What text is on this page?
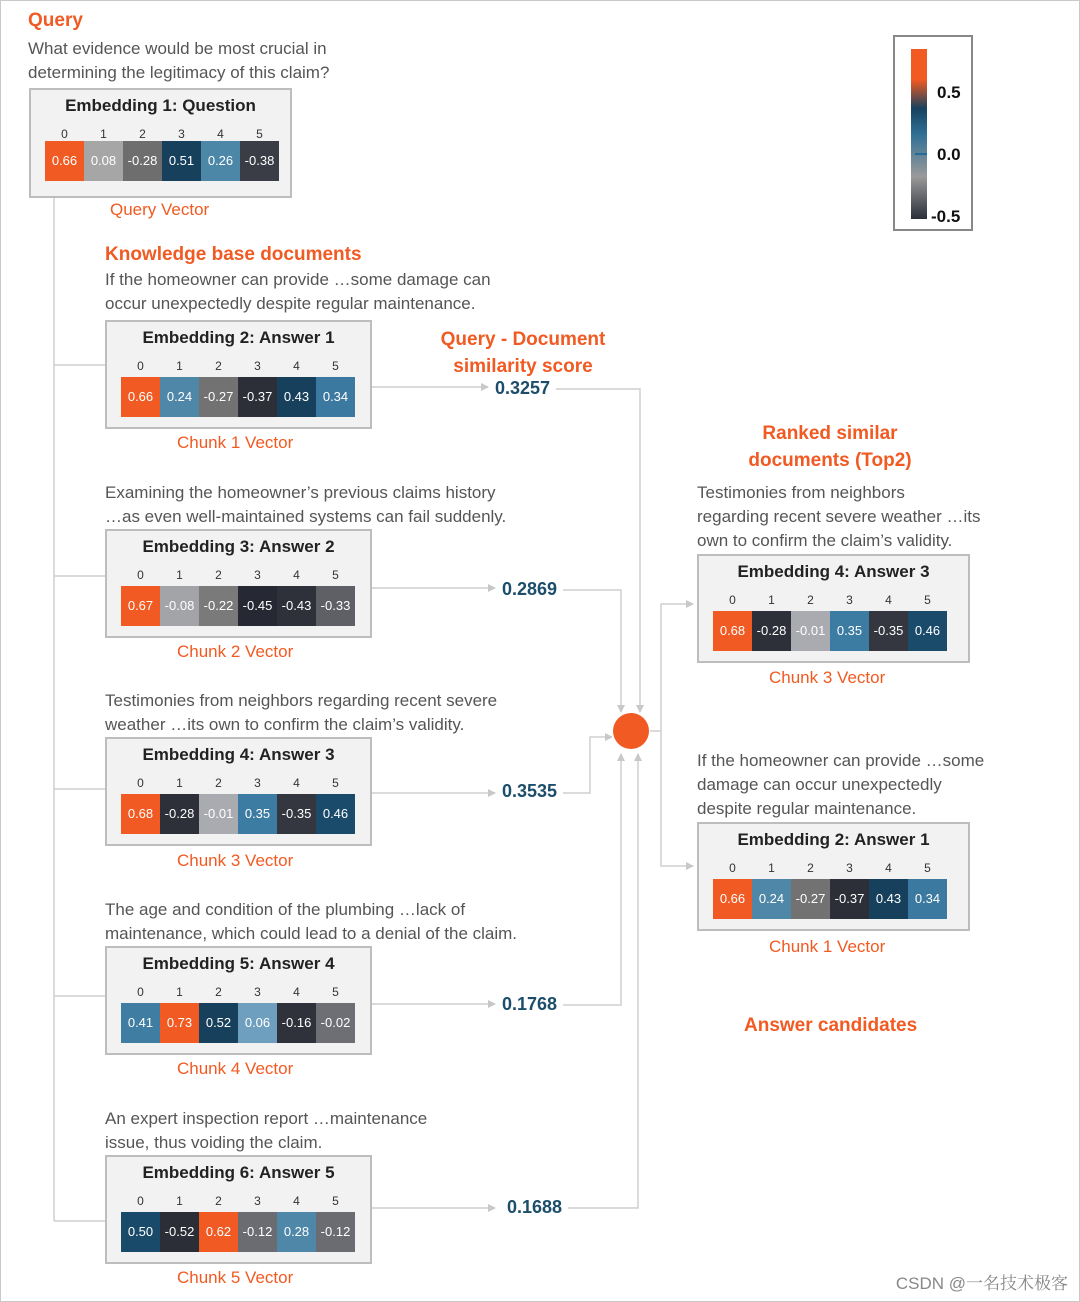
Query
What evidence would be most crucial in determining the legitimacy of this claim?
Embedding 1: Question
0	1	2	3	4	5
0.66	0.08 -0.28 0.51	0.26 -0.38
Query Vector
Knowledge base documents
Query - Document similarity score
If the homeowner can provide …some damage can
occur unexpectedly despite regular maintenance.
Embedding 2: Answer 1
0	1	2	3	4	5
0.66	0.24 -0.27 -0.37 0.43	0.34
Chunk 1 Vector
0.3257
Examining the homeowner’s previous claims history
…as even well-maintained systems can fail suddenly.
Embedding 3: Answer 2
0	1	2	3	4	5
0.67 -0.08 -0.22 -0.45 -0.43 -0.33
Chunk 2 Vector
0.2869
Testimonies from neighbors regarding recent severe
weather …its own to confirm the claim’s validity.
Embedding 4: Answer 3
0	1	2	3	4	5
0.68 -0.28 -0.01 0.35 -0.35 0.46
Chunk 3 Vector
0.3535
The age and condition of the plumbing …lack of
maintenance, which could lead to a denial of the claim.
Embedding 5: Answer 4
0	1	2	3	4	5
0.41	0.73	0.52	0.06 -0.16 -0.02
Chunk 4 Vector
0.1768
An expert inspection report …maintenance
issue, thus voiding the claim.
Embedding 6: Answer 5
0	1	2	3	4	5
0.50 -0.52 0.62 -0.12 0.28 -0.12
Chunk 5 Vector
0.1688
Ranked similar documents (Top2)
Testimonies from neighbors
regarding recent severe weather …its
own to confirm the claim’s validity.
Embedding 4: Answer 3
0	1	2	3	4	5
0.68 -0.28 -0.01 0.35 -0.35 0.46
Chunk 3 Vector
If the homeowner can provide …some
damage can occur unexpectedly
despite regular maintenance.
Embedding 2: Answer 1
0	1	2	3	4	5
0.66	0.24 -0.27 -0.37 0.43	0.34
Chunk 1 Vector
Answer candidates
0.5
0.0
-0.5
CSDN @一名技术极客
